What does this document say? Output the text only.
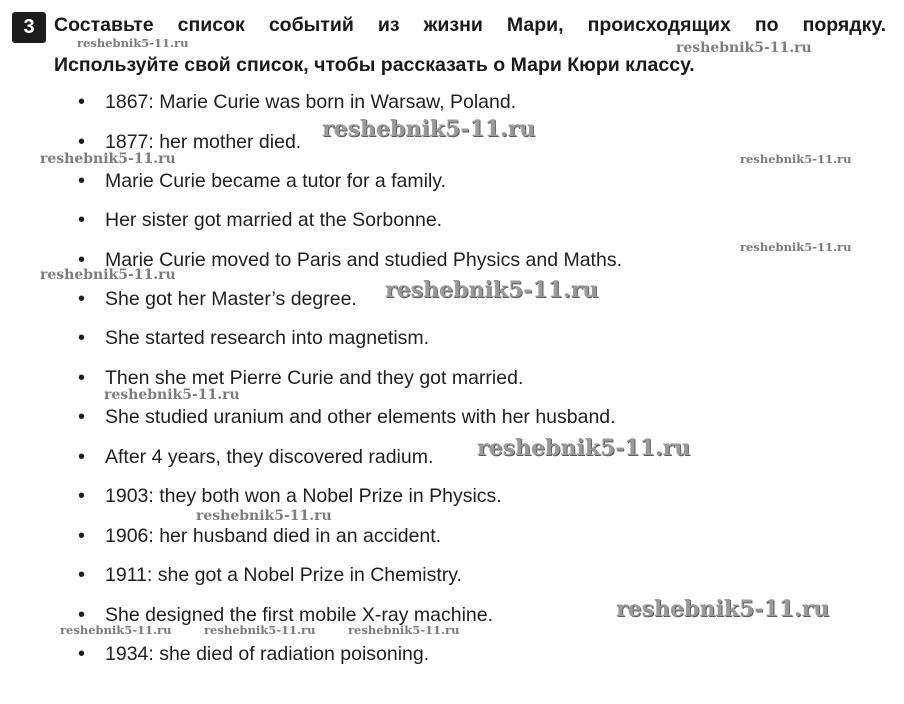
3 Составьте список событий из жизни Мари, происходящих по порядку.
Используйте свой список, чтобы рассказать о Мари Кюри классу.
• 1867: Marie Curie was born in Warsaw, Poland.
• 1877: her mother died.
• Marie Curie became a tutor for a family.
• Her sister got married at the Sorbonne.
• Marie Curie moved to Paris and studied Physics and Maths.
• She got her Master’s degree.
• She started research into magnetism.
• Then she met Pierre Curie and they got married.
• She studied uranium and other elements with her husband.
• After 4 years, they discovered radium.
• 1903: they both won a Nobel Prize in Physics.
• 1906: her husband died in an accident.
• 1911: she got a Nobel Prize in Chemistry.
• She designed the first mobile X-ray machine.
• 1934: she died of radiation poisoning.
reshebnik5-11.ru	reshebnik5-11.ru
reshebnik5-11.ru
reshebnik5-11.ru	reshebnik5-11.ru
reshebnik5-11.ru
reshebnik5-11.ru
reshebnik5-11.ru
reshebnik5-11.ru
reshebnik5-11.ru
reshebnik5-11.ru
reshebnik5-11.ru
reshebnik5-11.ru	reshebnik5-11.ru	reshebnik5-11.ru
